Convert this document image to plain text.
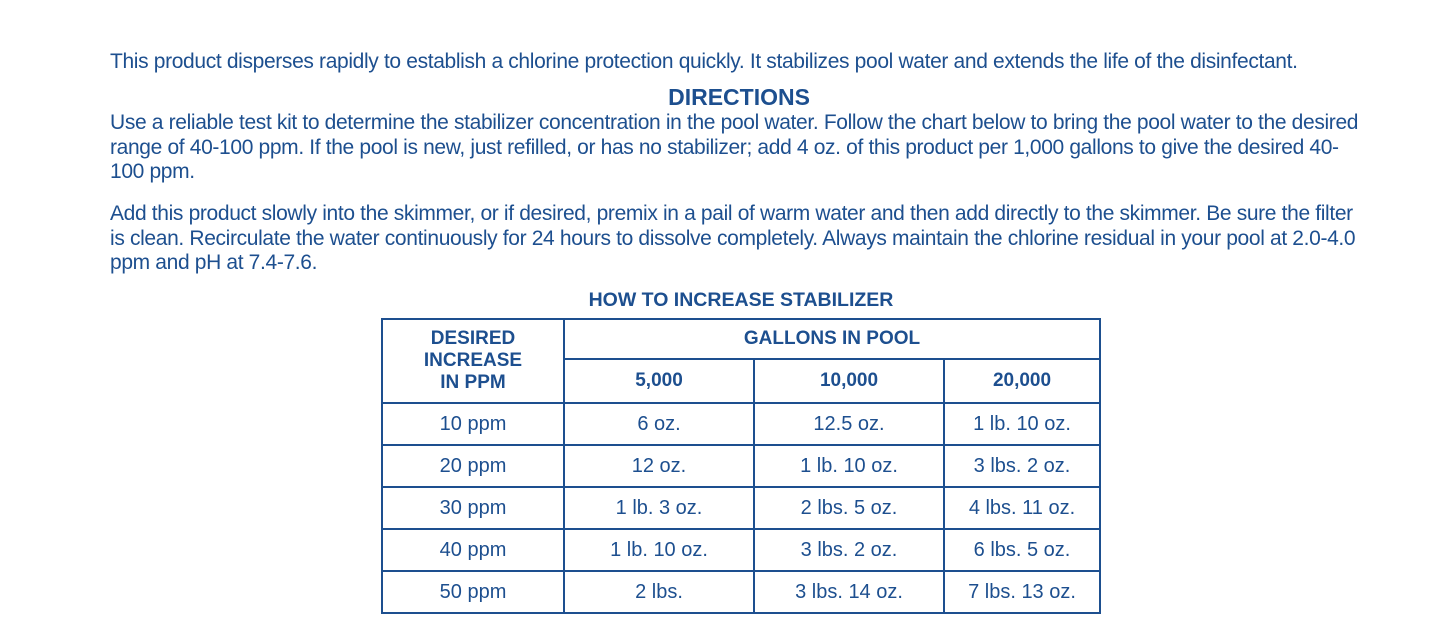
This product disperses rapidly to establish a chlorine protection quickly. It stabilizes pool water and extends the life of the disinfectant.

DIRECTIONS

Use a reliable test kit to determine the stabilizer concentration in the pool water. Follow the chart below to bring the pool water to the desired range of 40-100 ppm. If the pool is new, just refilled, or has no stabilizer; add 4 oz. of this product per 1,000 gallons to give the desired 40-100 ppm.

Add this product slowly into the skimmer, or if desired, premix in a pail of warm water and then add directly to the skimmer. Be sure the filter is clean. Recirculate the water continuously for 24 hours to dissolve completely. Always maintain the chlorine residual in your pool at 2.0-4.0 ppm and pH at 7.4-7.6.

HOW TO INCREASE STABILIZER
DESIRED
INCREASE
IN PPM	GALLONS IN POOL		
	5,000	10,000	20,000
10 ppm	6 oz.	12.5 oz.	1 lb. 10 oz.
20 ppm	12 oz.	1 lb. 10 oz.	3 lbs. 2 oz.
30 ppm	1 lb. 3 oz.	2 lbs. 5 oz.	4 lbs. 11 oz.
40 ppm	1 lb. 10 oz.	3 lbs. 2 oz.	6 lbs. 5 oz.
50 ppm	2 lbs.	3 lbs. 14 oz.	7 lbs. 13 oz.
